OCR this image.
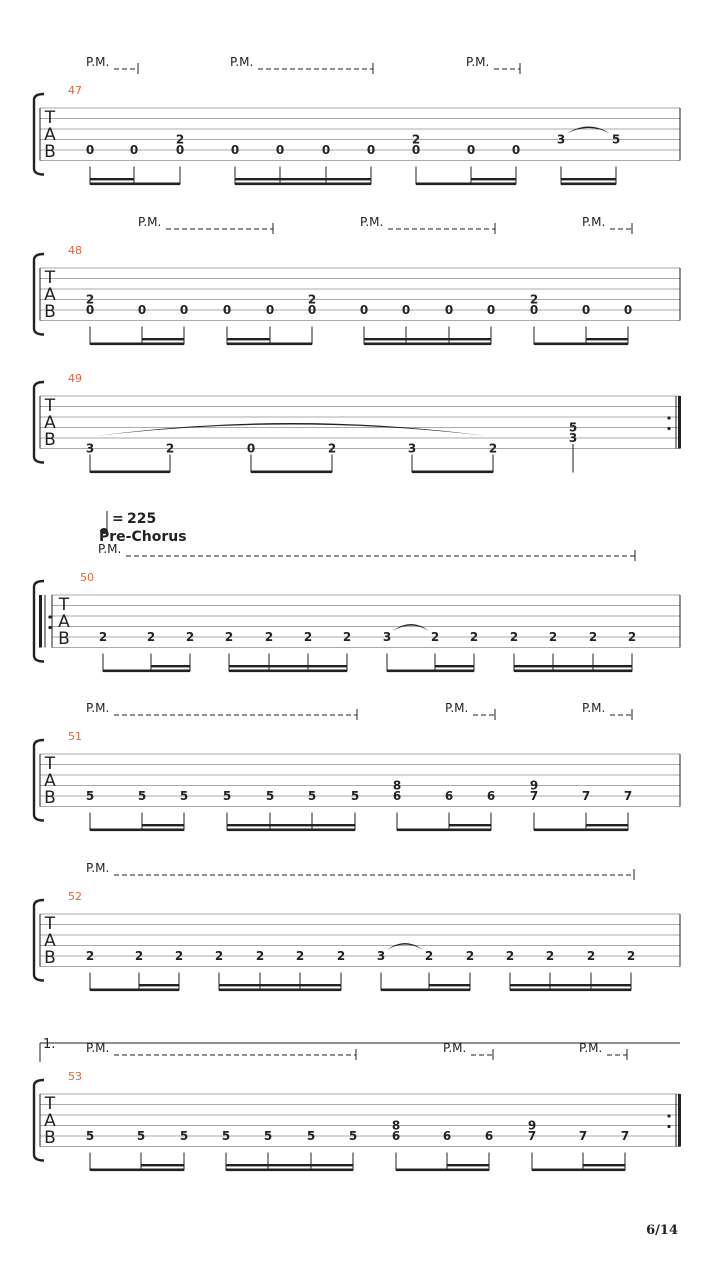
T
A
B
47
P.M.	P.M.	P.M.
0	0	0
2
0	0	0	0	0
2
0	0
3	5
T
A
B
48
P.M.	P.M.	P.M.
0
2
0	0	0	0	0
2
0	0	0	0	0
2
0	0
T
A
B
49
3	2	0	2	3	2
5
3
T
A
B
50
P.M.
2	2	2	2	2	2	2	3	2	2	2	2	2	2
T
A
B
51
P.M.	P.M.	P.M.
5	5	5	5	5	5	5
8
6	6	6
9
7	7	7
T
A
B
52
P.M.
2	2	2	2	2	2	2	3	2	2	2	2	2	2
T
A
B
53
P.M.	P.M.	P.M.
5	5	5	5	5	5	5
8
6	6	6
9
7	7	7
1.
= 225
Pre-Chorus
6/14
